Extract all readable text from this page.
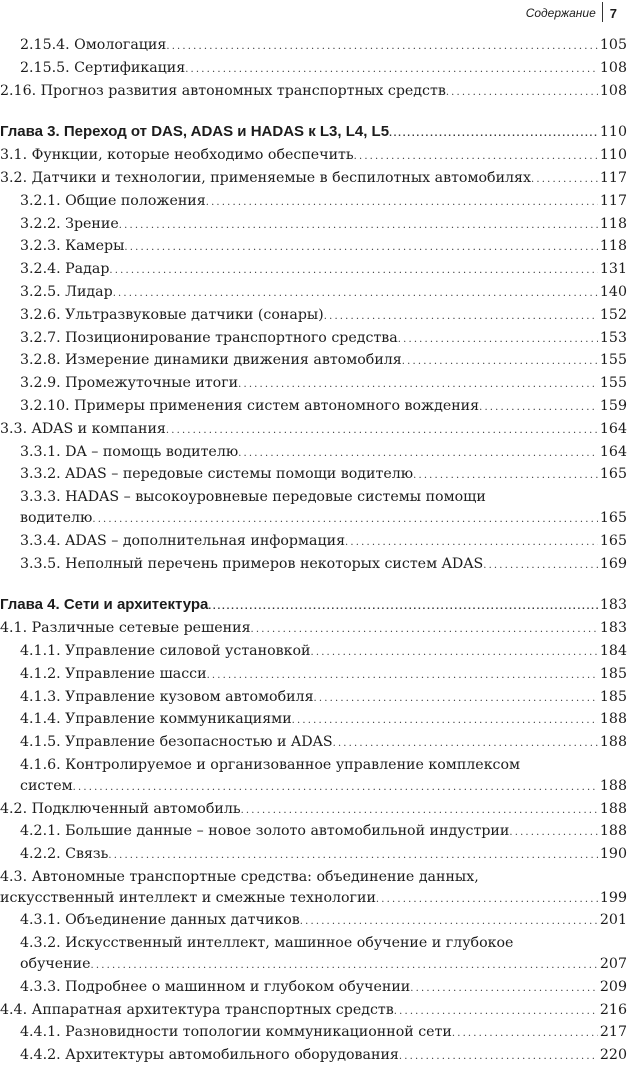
Содержание 7
2.15.4. Омологация . . .	105
2.15.5. Сертификация . . .	108
2.16. Прогноз развития автономных транспортных средств . . .	108
Глава 3. Переход от DAS, ADAS и HADAS к L3, L4, L5 . . .	110
3.1. Функции, которые необходимо обеспечить . . .	110
3.2. Датчики и технологии, применяемые в беспилотных автомобилях . . .	117
3.2.1. Общие положения . . .	117
3.2.2. Зрение . . .	118
3.2.3. Камеры . . .	118
3.2.4. Радар . . .	131
3.2.5. Лидар . . .	140
3.2.6. Ультразвуковые датчики (сонары) . . .	152
3.2.7. Позиционирование транспортного средства . . .	153
3.2.8. Измерение динамики движения автомобиля . . .	155
3.2.9. Промежуточные итоги . . .	155
3.2.10. Примеры применения систем автономного вождения . . .	159
3.3. ADAS и компания . . .	164
3.3.1. DA – помощь водителю . . .	164
3.3.2. ADAS – передовые системы помощи водителю . . .	165
3.3.3. HADAS – высокоуровневые передовые системы помощи
водителю . . .	165
3.3.4. ADAS – дополнительная информация . . .	165
3.3.5. Неполный перечень примеров некоторых систем ADAS . . .	169
Глава 4. Сети и архитектура . . .	183
4.1. Различные сетевые решения . . .	183
4.1.1. Управление силовой установкой . . .	184
4.1.2. Управление шасси . . .	185
4.1.3. Управление кузовом автомобиля . . .	185
4.1.4. Управление коммуникациями . . .	188
4.1.5. Управление безопасностью и ADAS . . .	188
4.1.6. Контролируемое и организованное управление комплексом
систем . . .	188
4.2. Подключенный автомобиль . . .	188
4.2.1. Большие данные – новое золото автомобильной индустрии . . .	188
4.2.2. Связь . . .	190
4.3. Автономные транспортные средства: объединение данных,
искусственный интеллект и смежные технологии . . .	199
4.3.1. Объединение данных датчиков . . .	201
4.3.2. Искусственный интеллект, машинное обучение и глубокое
обучение . . .	207
4.3.3. Подробнее о машинном и глубоком обучении . . .	209
4.4. Аппаратная архитектура транспортных средств . . .	216
4.4.1. Разновидности топологии коммуникационной сети . . .	217
4.4.2. Архитектуры автомобильного оборудования . . .	220
